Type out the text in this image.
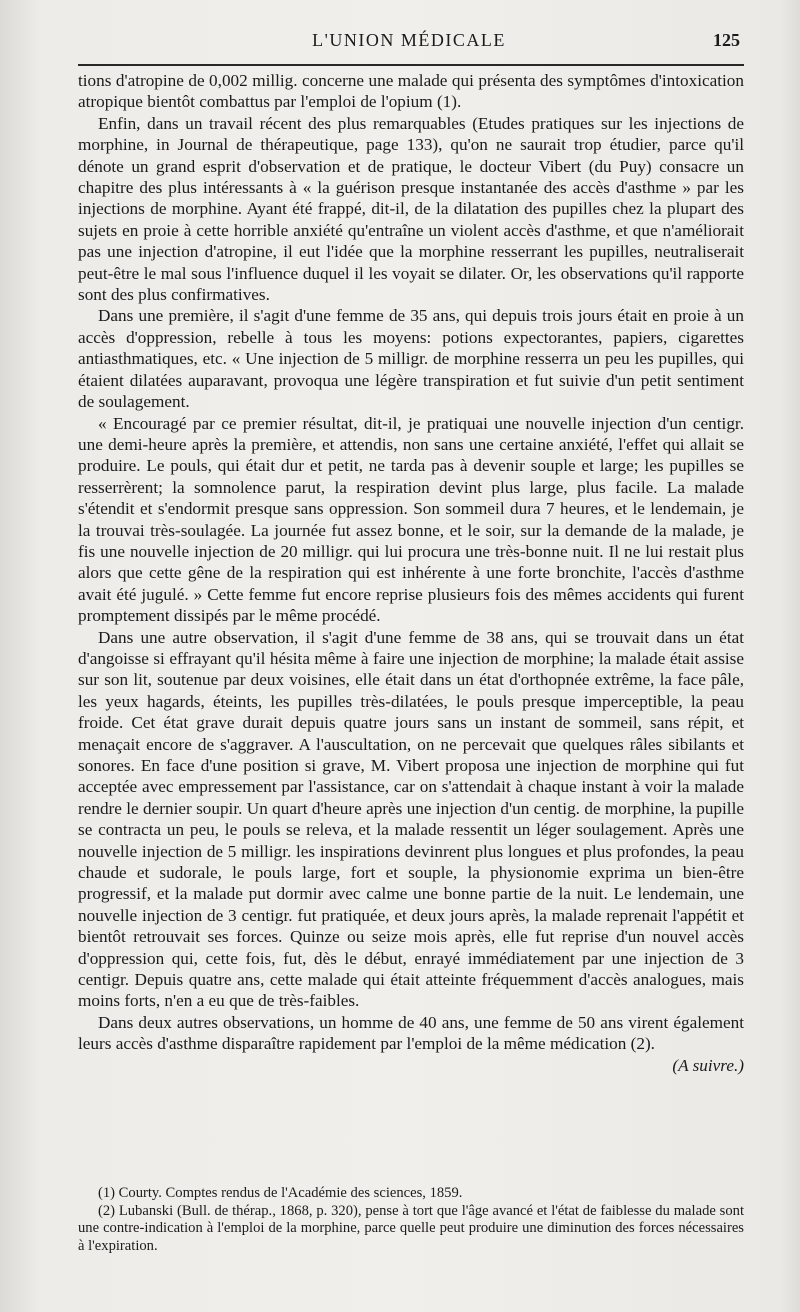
L'UNION MÉDICALE	125

tions d'atropine de 0,002 millig. concerne une malade qui présenta des symptômes d'intoxication atropique bientôt combattus par l'emploi de l'opium (1).

Enfin, dans un travail récent des plus remarquables (Etudes pratiques sur les injections de morphine, in Journal de thérapeutique, page 133), qu'on ne saurait trop étudier, parce qu'il dénote un grand esprit d'observation et de pratique, le docteur Vibert (du Puy) consacre un chapitre des plus intéressants à « la guérison presque instantanée des accès d'asthme » par les injections de morphine. Ayant été frappé, dit-il, de la dilatation des pupilles chez la plupart des sujets en proie à cette horrible anxiété qu'entraîne un violent accès d'asthme, et que n'améliorait pas une injection d'atropine, il eut l'idée que la morphine resserrant les pupilles, neutraliserait peut-être le mal sous l'influence duquel il les voyait se dilater. Or, les observations qu'il rapporte sont des plus confirmatives.

Dans une première, il s'agit d'une femme de 35 ans, qui depuis trois jours était en proie à un accès d'oppression, rebelle à tous les moyens: potions expectorantes, papiers, cigarettes antiasthmatiques, etc. « Une injection de 5 milligr. de morphine resserra un peu les pupilles, qui étaient dilatées auparavant, provoqua une légère transpiration et fut suivie d'un petit sentiment de soulagement.

« Encouragé par ce premier résultat, dit-il, je pratiquai une nouvelle injection d'un centigr. une demi-heure après la première, et attendis, non sans une certaine anxiété, l'effet qui allait se produire. Le pouls, qui était dur et petit, ne tarda pas à devenir souple et large; les pupilles se resserrèrent; la somnolence parut, la respiration devint plus large, plus facile. La malade s'étendit et s'endormit presque sans oppression. Son sommeil dura 7 heures, et le lendemain, je la trouvai très-soulagée. La journée fut assez bonne, et le soir, sur la demande de la malade, je fis une nouvelle injection de 20 milligr. qui lui procura une très-bonne nuit. Il ne lui restait plus alors que cette gêne de la respiration qui est inhérente à une forte bronchite, l'accès d'asthme avait été jugulé. » Cette femme fut encore reprise plusieurs fois des mêmes accidents qui furent promptement dissipés par le même procédé.

Dans une autre observation, il s'agit d'une femme de 38 ans, qui se trouvait dans un état d'angoisse si effrayant qu'il hésita même à faire une injection de morphine; la malade était assise sur son lit, soutenue par deux voisines, elle était dans un état d'orthopnée extrême, la face pâle, les yeux hagards, éteints, les pupilles très-dilatées, le pouls presque imperceptible, la peau froide. Cet état grave durait depuis quatre jours sans un instant de sommeil, sans répit, et menaçait encore de s'aggraver. A l'auscultation, on ne percevait que quelques râles sibilants et sonores. En face d'une position si grave, M. Vibert proposa une injection de morphine qui fut acceptée avec empressement par l'assistance, car on s'attendait à chaque instant à voir la malade rendre le dernier soupir. Un quart d'heure après une injection d'un centig. de morphine, la pupille se contracta un peu, le pouls se releva, et la malade ressentit un léger soulagement. Après une nouvelle injection de 5 milligr. les inspirations devinrent plus longues et plus profondes, la peau chaude et sudorale, le pouls large, fort et souple, la physionomie exprima un bien-être progressif, et la malade put dormir avec calme une bonne partie de la nuit. Le lendemain, une nouvelle injection de 3 centigr. fut pratiquée, et deux jours après, la malade reprenait l'appétit et bientôt retrouvait ses forces. Quinze ou seize mois après, elle fut reprise d'un nouvel accès d'oppression qui, cette fois, fut, dès le début, enrayé immédiatement par une injection de 3 centigr. Depuis quatre ans, cette malade qui était atteinte fréquemment d'accès analogues, mais moins forts, n'en a eu que de très-faibles.

Dans deux autres observations, un homme de 40 ans, une femme de 50 ans virent également leurs accès d'asthme disparaître rapidement par l'emploi de la même médication (2).

(A suivre.)

(1) Courty. Comptes rendus de l'Académie des sciences, 1859.

(2) Lubanski (Bull. de thérap., 1868, p. 320), pense à tort que l'âge avancé et l'état de faiblesse du malade sont une contre-indication à l'emploi de la morphine, parce quelle peut produire une diminution des forces nécessaires à l'expiration.
